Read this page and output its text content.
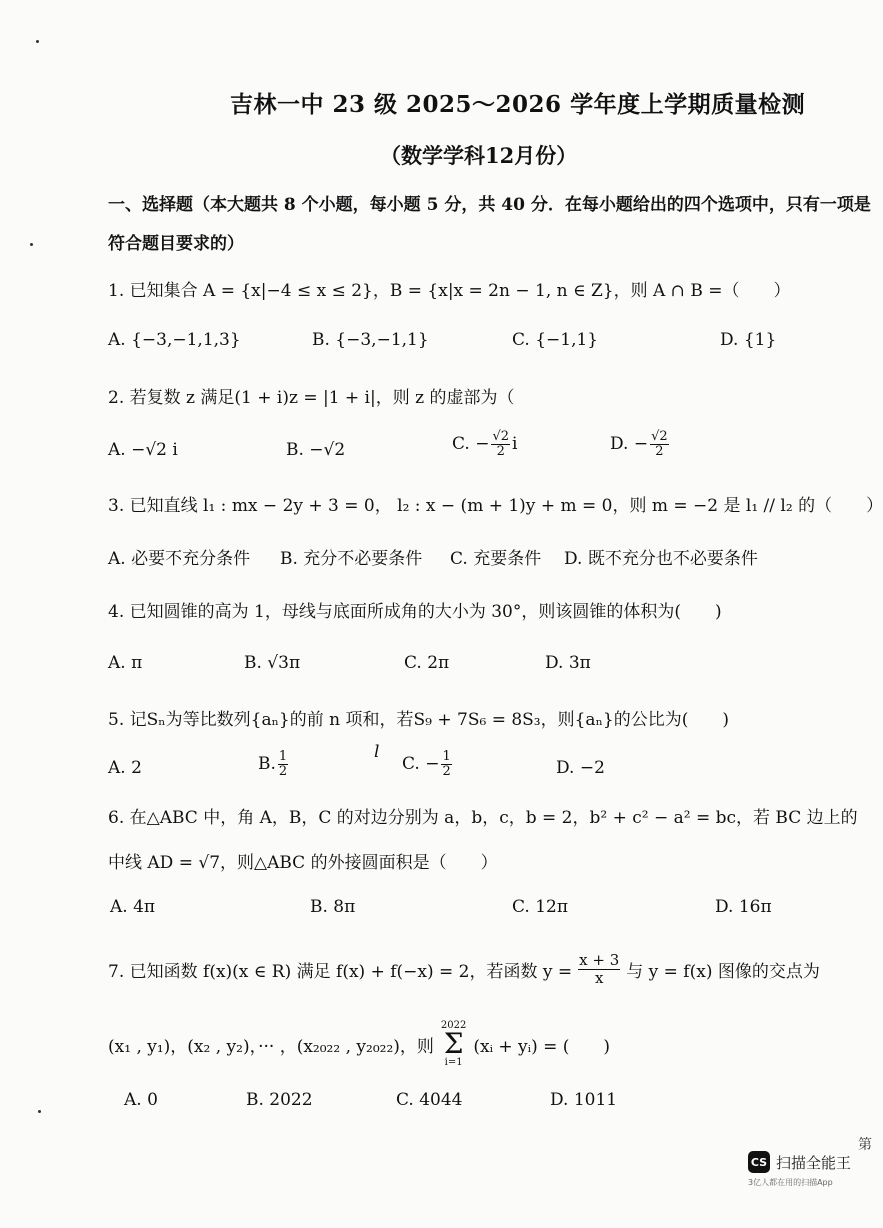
吉林一中 23 级 2025～2026 学年度上学期质量检测
（数学学科12月份）
一、选择题（本大题共 8 个小题，每小题 5 分，共 40 分．在每小题给出的四个选项中，只有一项是
符合题目要求的）
1. 已知集合 A = {x|−4 ≤ x ≤ 2}，B = {x|x = 2n − 1, n ∈ Z}，则 A ∩ B =（　　）
A. {−3,−1,1,3}	B. {−3,−1,1}	C. {−1,1}	D. {1}
2. 若复数 z 满足(1 + i)z = |1 + i|，则 z 的虚部为（
A. −√2 i	B. −√2	C. − $\frac{√2}{2}$ i	D. − $\frac{√2}{2}$
3. 已知直线 l₁ : mx − 2y + 3 = 0， l₂ : x − (m + 1)y + m = 0，则 m = −2 是 l₁ // l₂ 的（　　）
A. 必要不充分条件 B. 充分不必要条件 C. 充要条件 D. 既不充分也不必要条件
4. 已知圆锥的高为 1，母线与底面所成角的大小为 30°，则该圆锥的体积为(　　)
A. π	B. √3π	C. 2π	D. 3π
5. 记Sₙ为等比数列{aₙ}的前 n 项和，若S₉ + 7S₆ = 8S₃，则{aₙ}的公比为(　　)
A. 2	B. $\frac{1}{2}$	l
C. − $\frac{1}{2}$	D. −2
6. 在△ABC 中，角 A，B，C 的对边分别为 a，b，c，b = 2，b² + c² − a² = bc，若 BC 边上的
中线 AD = √7，则△ABC 的外接圆面积是（　　）
A. 4π	B. 8π	C. 12π	D. 16π
7. 已知函数 f(x)(x ∈ R) 满足 f(x) + f(−x) = 2，若函数 $y = \frac{x + 3}{x}$ 与 y = f(x) 图像的交点为
(x₁ , y₁)，(x₂ , y₂)，··· ，(x₂₀₂₂ , y₂₀₂₂)，则
2022
Σ
i=1
(xᵢ + yᵢ) = (　　)
A. 0	B. 2022	C. 4044	D. 1011
第
CS 扫描全能王
3亿人都在用的扫描App
